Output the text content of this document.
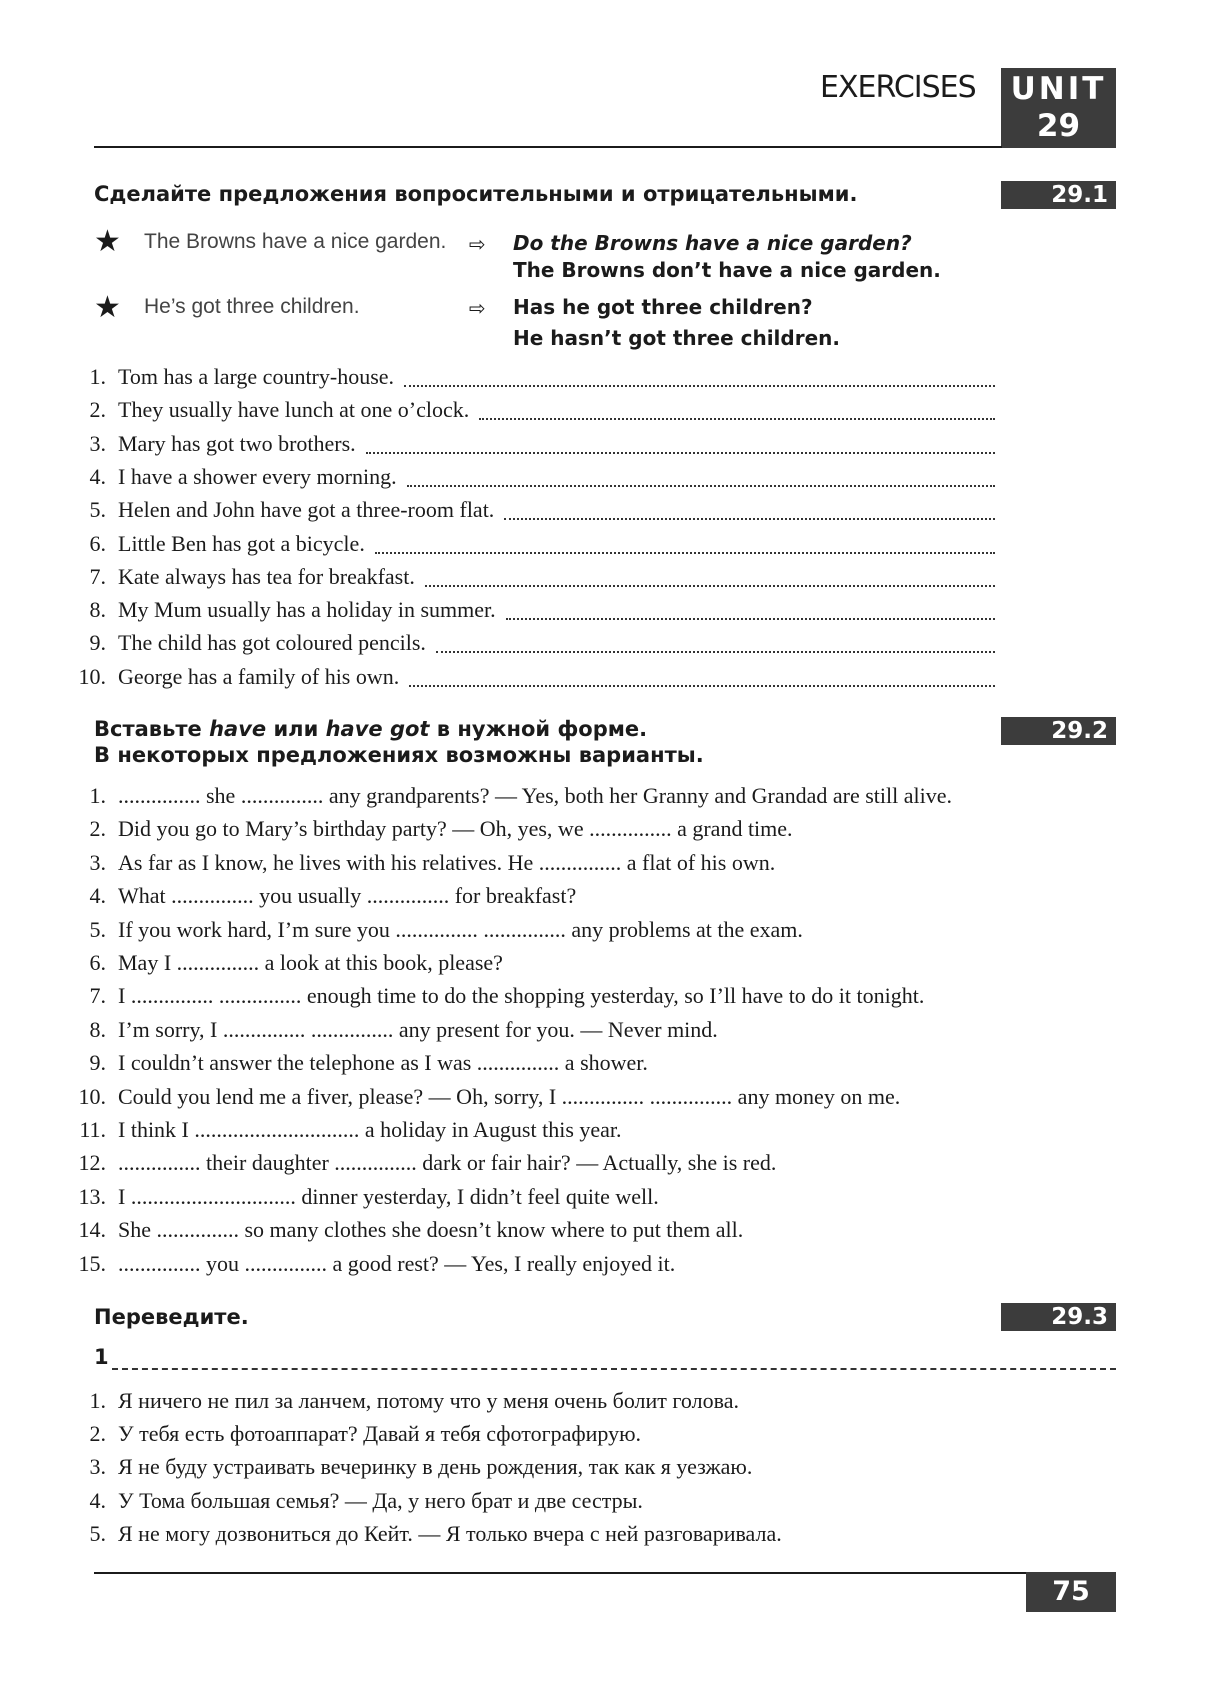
EXERCISES	UNIT
29
Сделайте предложения вопросительными и отрицательными.	29.1
★ The Browns have a nice garden. ⇨ Do the Browns have a nice garden?
The Browns don’t have a nice garden.
★ He’s got three children.	⇨ Has he got three children?
He hasn’t got three children.
1. Tom has a large country-house.
2. They usually have lunch at one o’clock.
3. Mary has got two brothers.
4. I have a shower every morning.
5. Helen and John have got a three-room flat.
6. Little Ben has got a bicycle.
7. Kate always has tea for breakfast.
8. My Mum usually has a holiday in summer.
9. The child has got coloured pencils.
10. George has a family of his own.
Вставьте have или have got в нужной форме.
В некоторых предложениях возможны варианты.
29.2
1. ............... she ............... any grandparents? — Yes, both her Granny and Grandad are still alive.
2. Did you go to Mary’s birthday party? — Oh, yes, we ............... a grand time.
3. As far as I know, he lives with his relatives. He ............... a flat of his own.
4. What ............... you usually ............... for breakfast?
5. If you work hard, I’m sure you ............... ............... any problems at the exam.
6. May I ............... a look at this book, please?
7. I ............... ............... enough time to do the shopping yesterday, so I’ll have to do it tonight.
8. I’m sorry, I ............... ............... any present for you. — Never mind.
9. I couldn’t answer the telephone as I was ............... a shower.
10. Could you lend me a fiver, please? — Oh, sorry, I ............... ............... any money on me.
11. I think I .............................. a holiday in August this year.
12. ............... their daughter ............... dark or fair hair? — Actually, she is red.
13. I .............................. dinner yesterday, I didn’t feel quite well.
14. She ............... so many clothes she doesn’t know where to put them all.
15. ............... you ............... a good rest? — Yes, I really enjoyed it.
Переведите.	29.3
1
1. Я ничего не пил за ланчем, потому что у меня очень болит голова.
2. У тебя есть фотоаппарат? Давай я тебя сфотографирую.
3. Я не буду устраивать вечеринку в день рождения, так как я уезжаю.
4. У Тома большая семья? — Да, у него брат и две сестры.
5. Я не могу дозвониться до Кейт. — Я только вчера с ней разговаривала.
75
